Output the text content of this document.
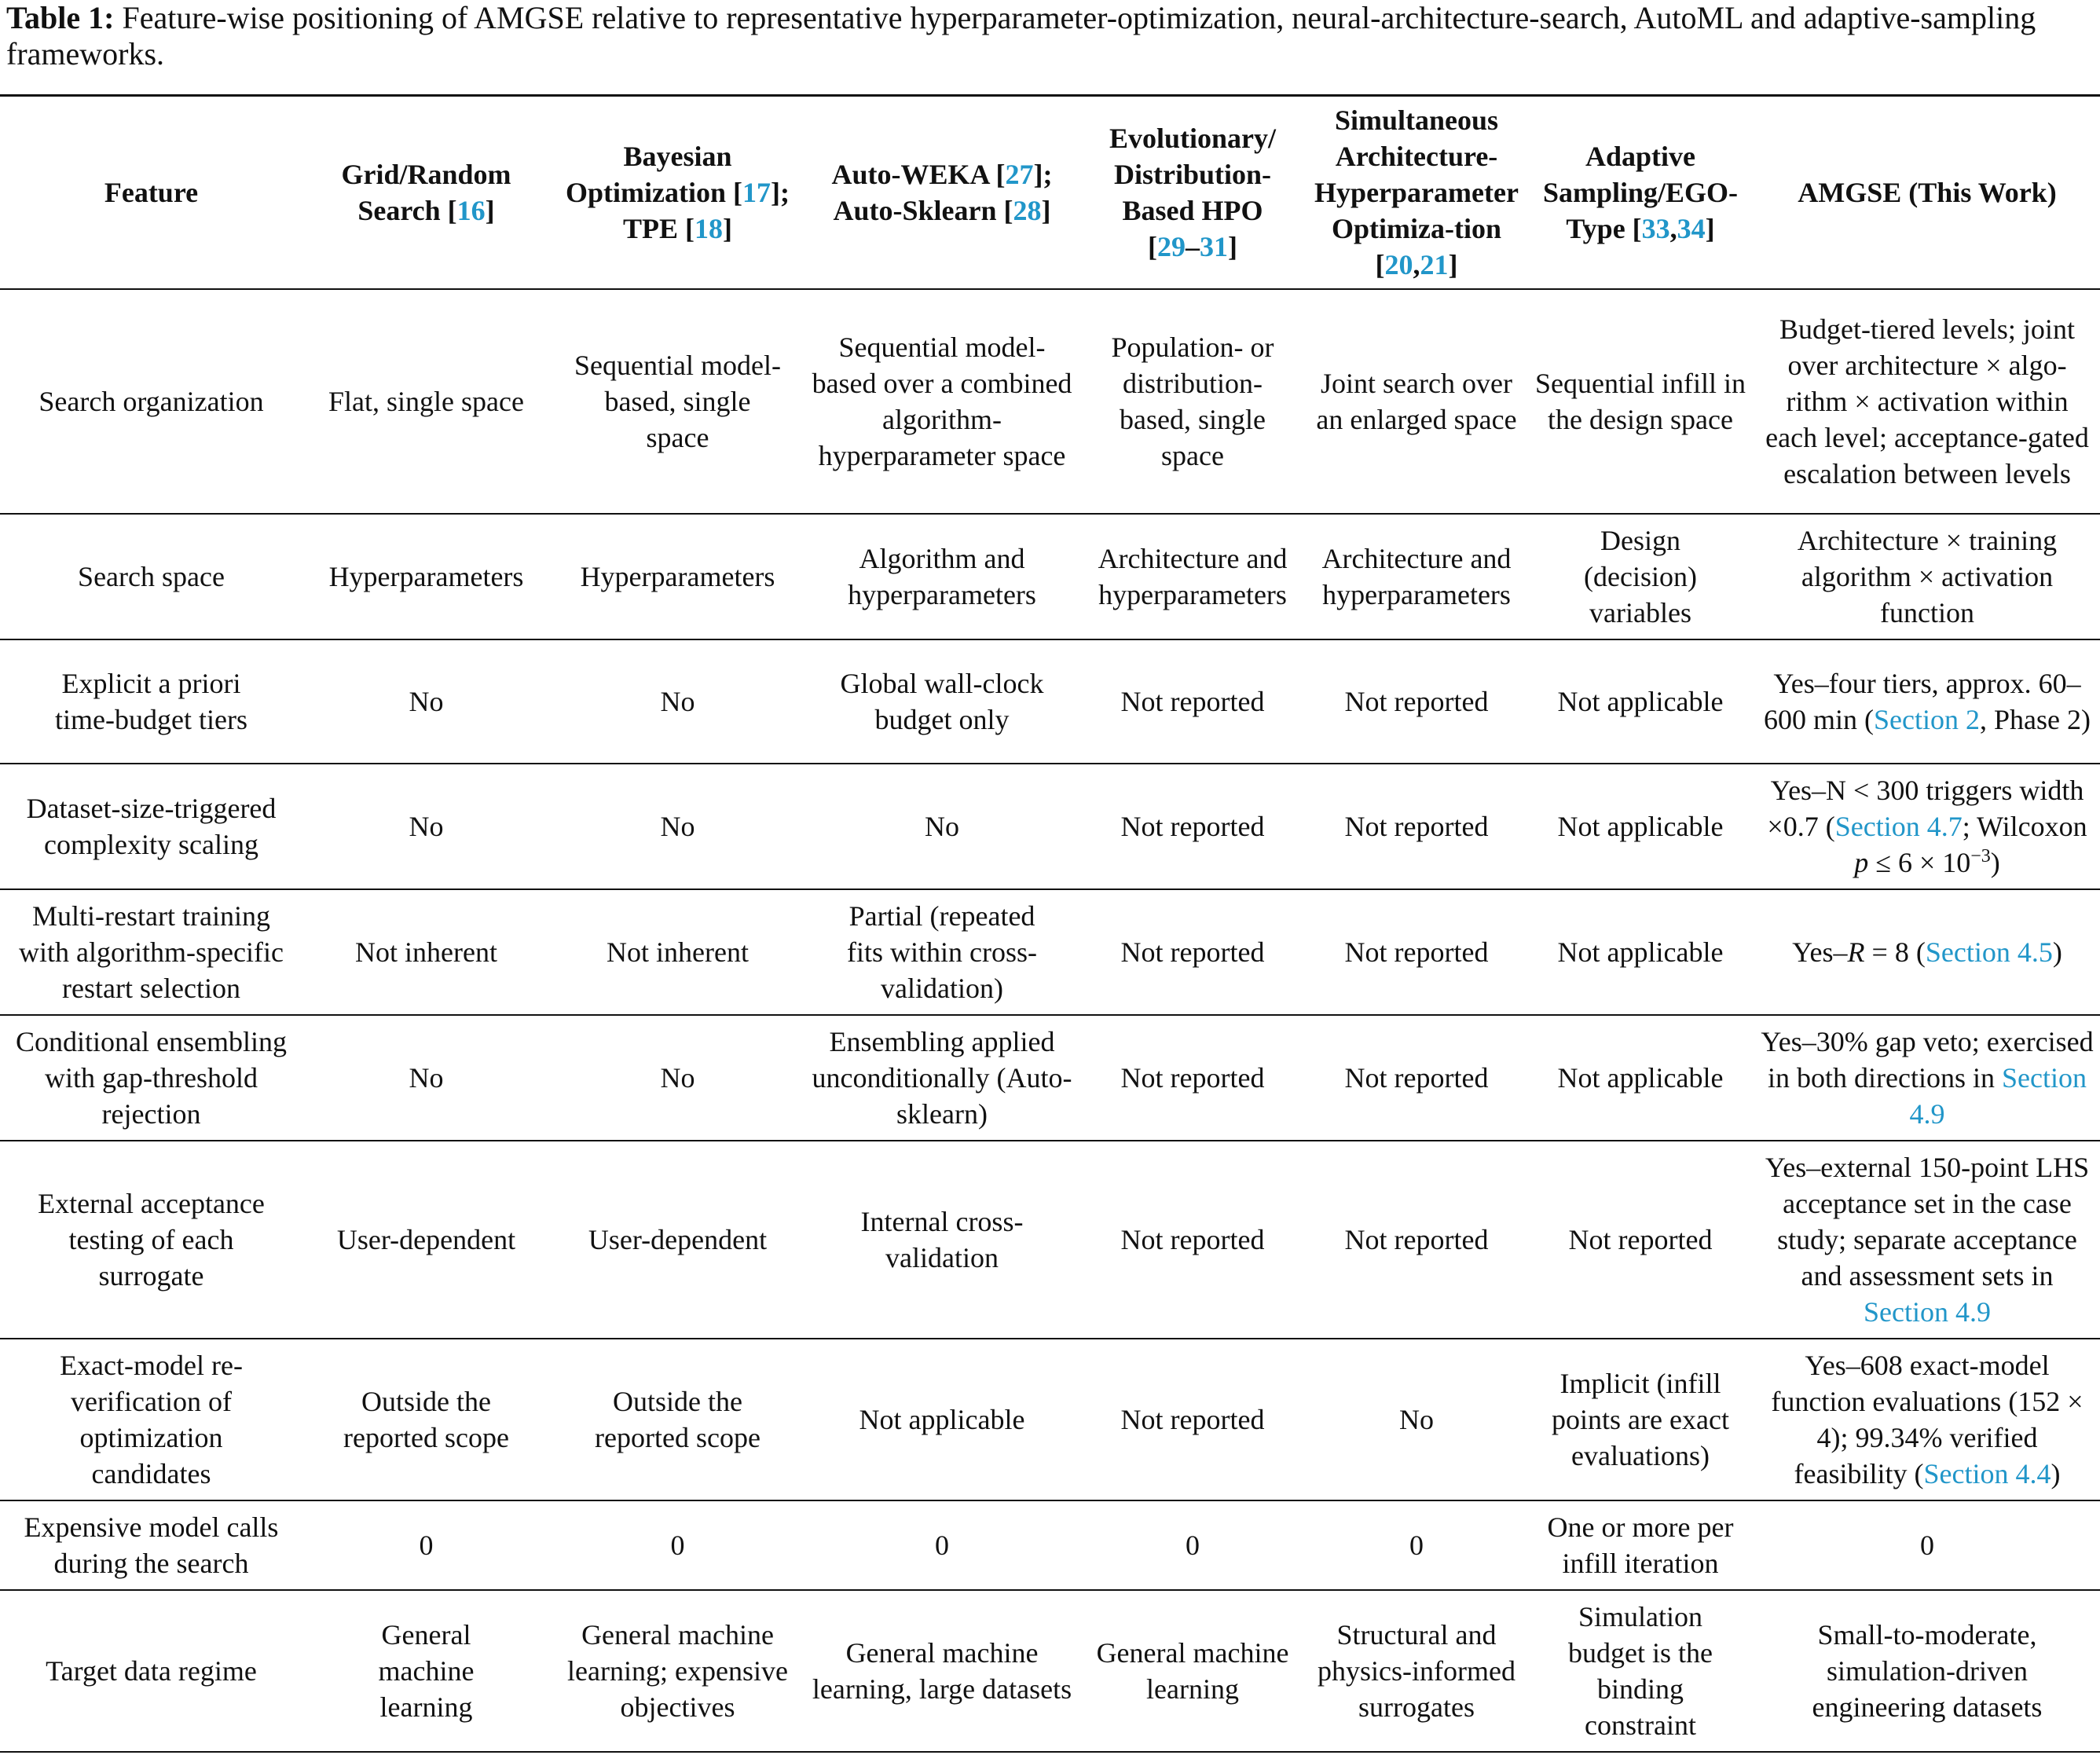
Table 1: Feature-wise positioning of AMGSE relative to representative hyperparameter-optimization, neural-architecture-search, AutoML and adaptive-sampling frameworks.
Feature	Grid/Random Search [16]	Bayesian Optimization [17]; TPE [18]	Auto-WEKA [27]; Auto-Sklearn [28]	Evolutionary/ Distribution-Based HPO [29–31]	Simultaneous Architecture-Hyperparameter Optimiza-tion [20,21]	Adaptive Sampling/EGO-Type [33,34]	AMGSE (This Work)
Search organization	Flat, single space	Sequential model-based, single space	Sequential model-based over a combined algorithm-hyperparameter space	Population- or distribution-based, single space	Joint search over an enlarged space	Sequential infill in the design space	Budget-tiered levels; joint over architecture × algo-rithm × activation within each level; acceptance-gated escalation between levels
Search space	Hyperparameters	Hyperparameters	Algorithm and hyperparameters	Architecture and hyperparameters	Architecture and hyperparameters	Design (decision) variables	Architecture × training algorithm × activation function
Explicit a priori time-budget tiers	No	No	Global wall-clock budget only	Not reported	Not reported	Not applicable	Yes–four tiers, approx. 60–600 min (Section 2, Phase 2)
Dataset-size-triggered complexity scaling	No	No	No	Not reported	Not reported	Not applicable	Yes–N < 300 triggers width ×0.7 (Section 4.7; Wilcoxon $p \le 6 \times 10^{-3}$)
Multi-restart training with algorithm-specific restart selection	Not inherent	Not inherent	Partial (repeated fits within cross-validation)	Not reported	Not reported	Not applicable	Yes–R = 8 (Section 4.5)
Conditional ensembling with gap-threshold rejection	No	No	Ensembling applied unconditionally (Auto-sklearn)	Not reported	Not reported	Not applicable	Yes–30% gap veto; exercised in both directions in Section 4.9
External acceptance testing of each surrogate	User-dependent	User-dependent	Internal cross-validation	Not reported	Not reported	Not reported	Yes–external 150-point LHS acceptance set in the case study; separate acceptance and assessment sets in Section 4.9
Exact-model re-verification of optimization candidates	Outside the reported scope	Outside the reported scope	Not applicable	Not reported	No	Implicit (infill points are exact evaluations)	Yes–608 exact-model function evaluations (152 × 4); 99.34% verified feasibility (Section 4.4)
Expensive model calls during the search	0	0	0	0	0	One or more per infill iteration	0
Target data regime	General machine learning	General machine learning; expensive objectives	General machine learning, large datasets	General machine learning	Structural and physics-informed surrogates	Simulation budget is the binding constraint	Small-to-moderate, simulation-driven engineering datasets
